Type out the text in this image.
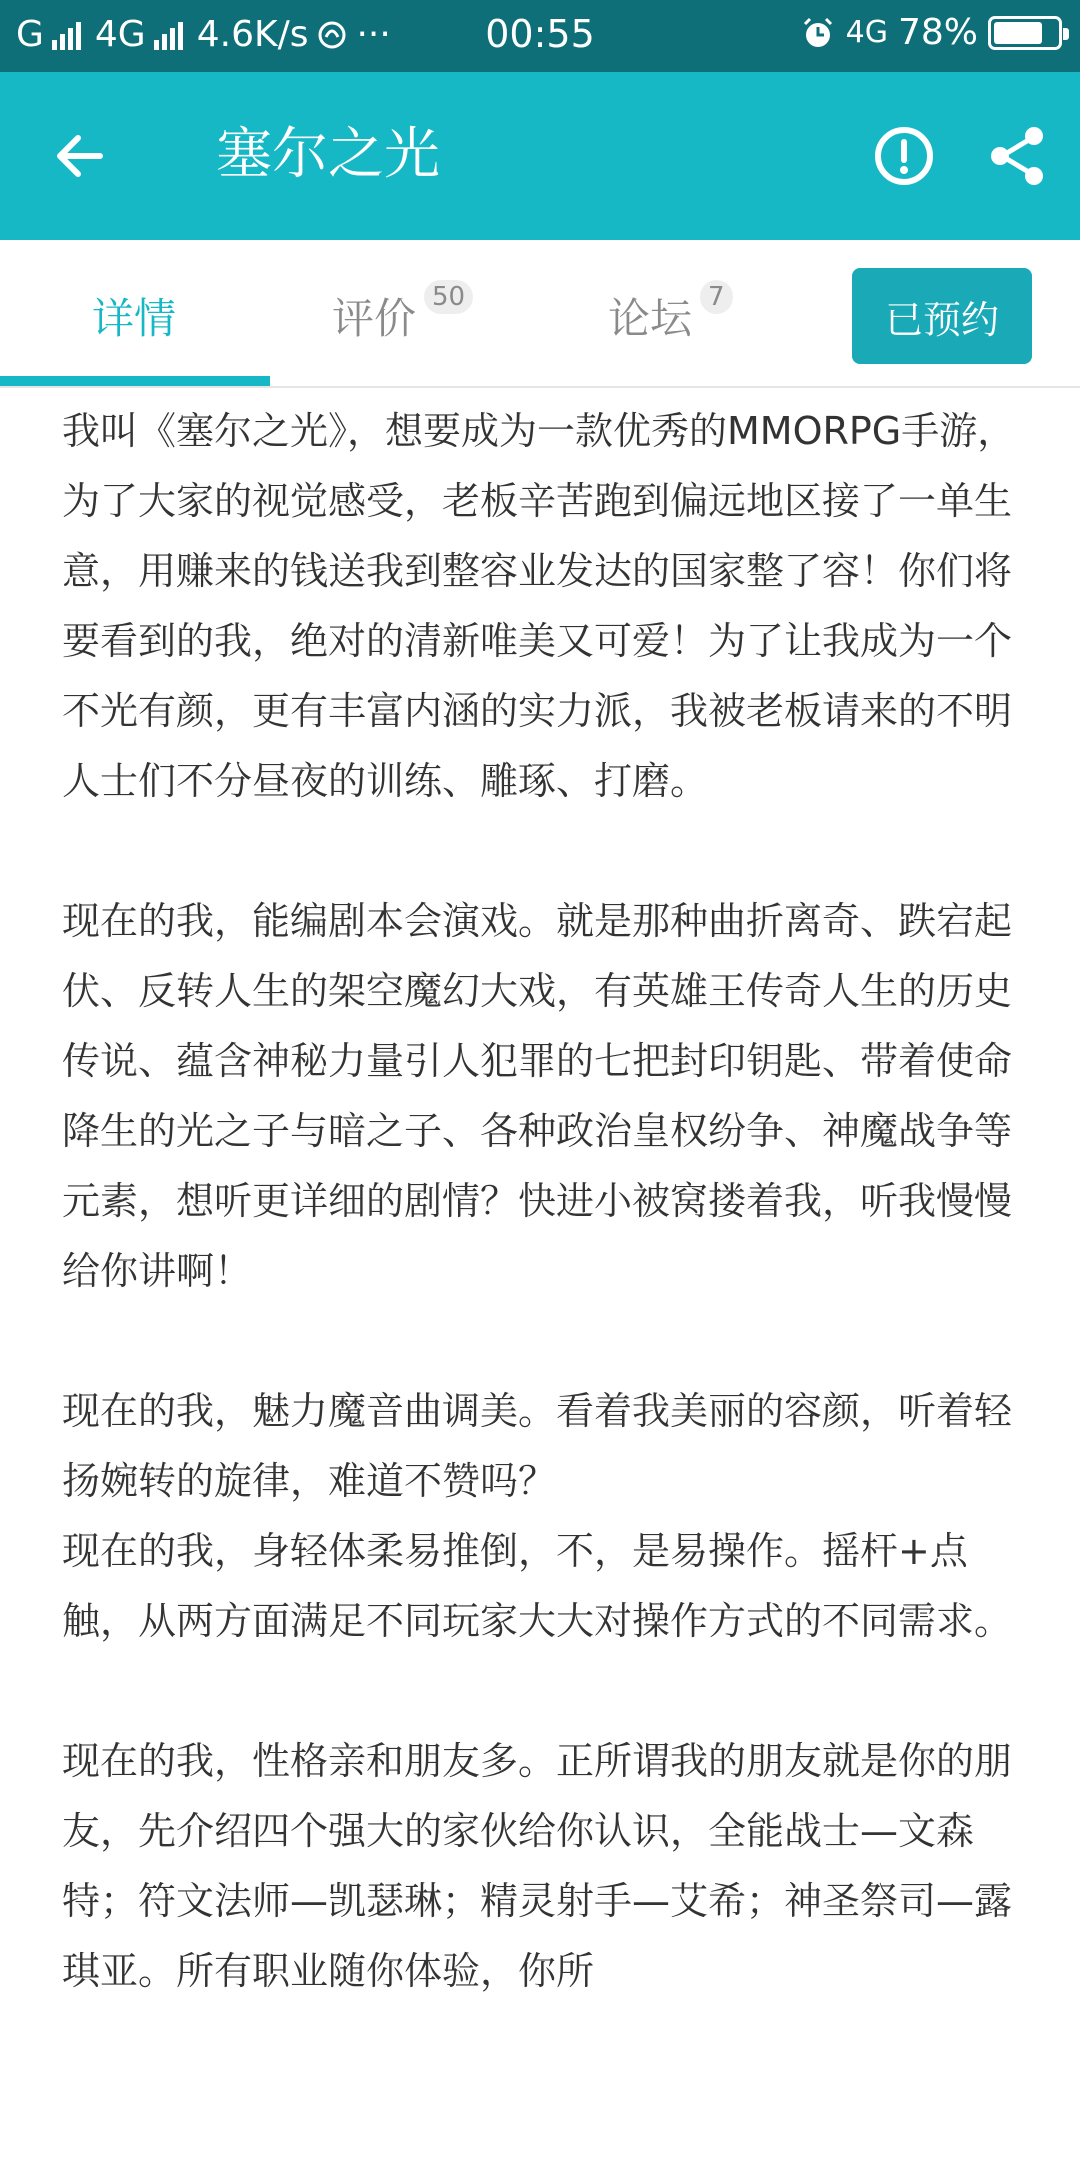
G 4G 4.6K/s ···	00:55	4G 78%
塞尔之光
详情	评价 50	论坛 7
已预约

我叫《塞尔之光》，想要成为一款优秀的MMORPG手游，为了大家的视觉感受，老板辛苦跑到偏远地区接了一单生意，用赚来的钱送我到整容业发达的国家整了容！你们将要看到的我，绝对的清新唯美又可爱！为了让我成为一个不光有颜，更有丰富内涵的实力派，我被老板请来的不明人士们不分昼夜的训练、雕琢、打磨。

现在的我，能编剧本会演戏。就是那种曲折离奇、跌宕起伏、反转人生的架空魔幻大戏，有英雄王传奇人生的历史传说、蕴含神秘力量引人犯罪的七把封印钥匙、带着使命降生的光之子与暗之子、各种政治皇权纷争、神魔战争等元素，想听更详细的剧情？快进小被窝搂着我，听我慢慢给你讲啊！

现在的我，魅力魔音曲调美。看着我美丽的容颜，听着轻扬婉转的旋律，难道不赞吗？

现在的我，身轻体柔易推倒，不，是易操作。摇杆+点触，从两方面满足不同玩家大大对操作方式的不同需求。

现在的我，性格亲和朋友多。正所谓我的朋友就是你的朋友，先介绍四个强大的家伙给你认识，全能战士—文森特；符文法师—凯瑟琳；精灵射手—艾希；神圣祭司—露琪亚。所有职业随你体验，你所
